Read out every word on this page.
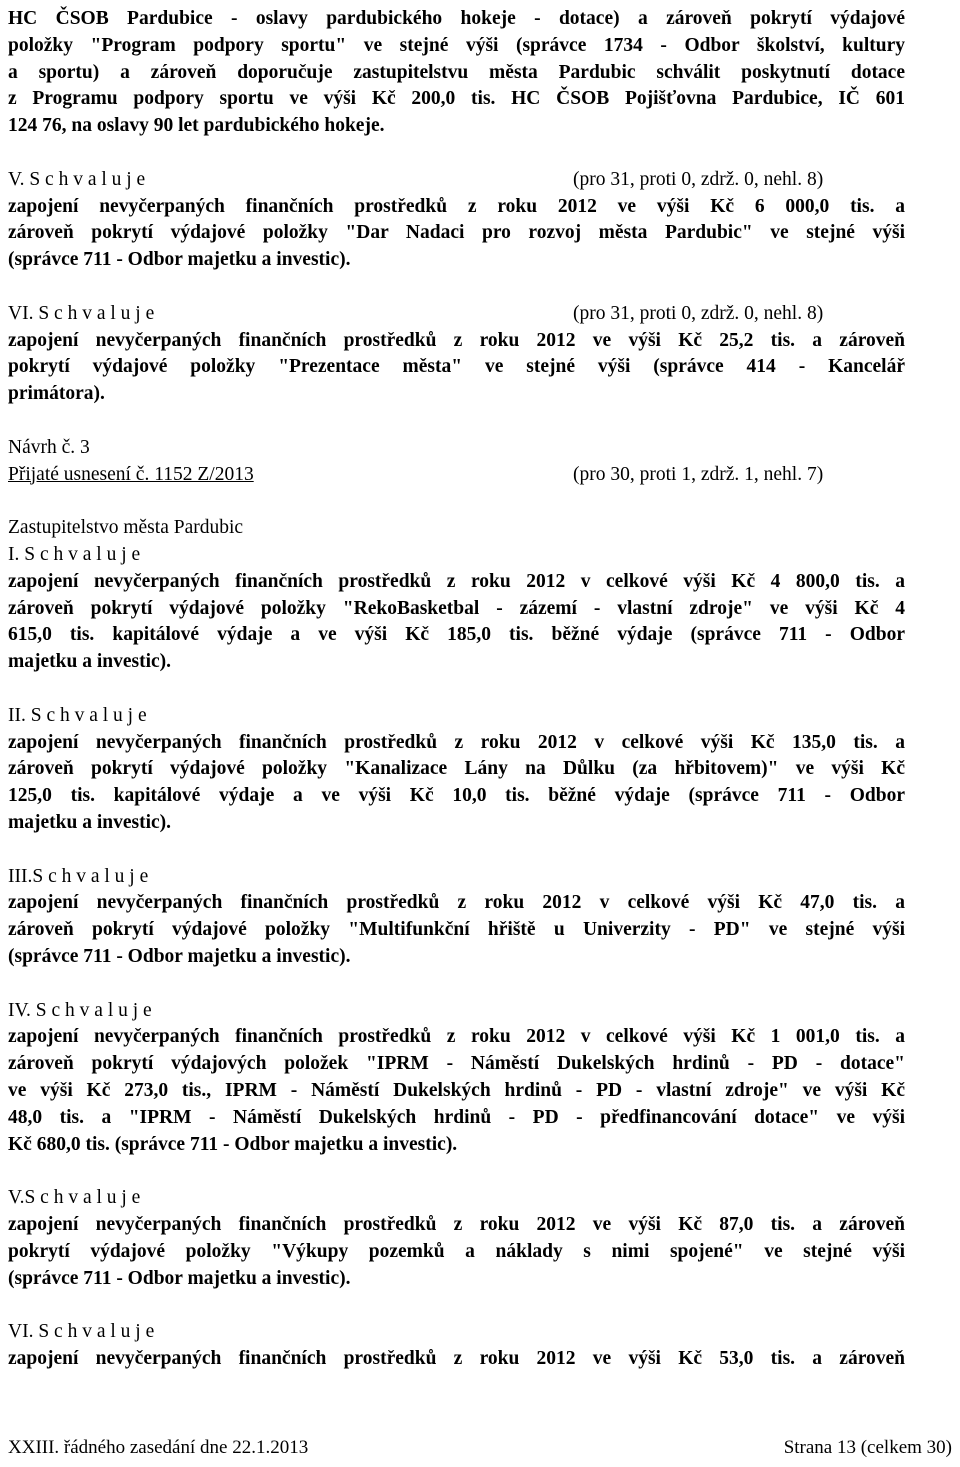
HC ČSOB Pardubice - oslavy pardubického hokeje - dotace) a zároveň pokrytí výdajové
položky "Program podpory sportu" ve stejné výši (správce 1734 - Odbor školství, kultury
a sportu) a zároveň doporučuje zastupitelstvu města Pardubic schválit poskytnutí dotace
z Programu podpory sportu ve výši Kč 200,0 tis. HC ČSOB Pojišťovna Pardubice, IČ 601
124 76, na oslavy 90 let pardubického hokeje.
V. S c h v a l u j e	(pro 31, proti 0, zdrž. 0, nehl. 8)
zapojení nevyčerpaných finančních prostředků z roku 2012 ve výši Kč 6 000,0 tis. a
zároveň pokrytí výdajové položky "Dar Nadaci pro rozvoj města Pardubic" ve stejné výši
(správce 711 - Odbor majetku a investic).
VI. S c h v a l u j e	(pro 31, proti 0, zdrž. 0, nehl. 8)
zapojení nevyčerpaných finančních prostředků z roku 2012 ve výši Kč 25,2 tis. a zároveň
pokrytí výdajové položky "Prezentace města" ve stejné výši (správce 414 - Kancelář
primátora).
Návrh č. 3
Přijaté usnesení č. 1152 Z/2013	(pro 30, proti 1, zdrž. 1, nehl. 7)
Zastupitelstvo města Pardubic
I. S c h v a l u j e
zapojení nevyčerpaných finančních prostředků z roku 2012 v celkové výši Kč 4 800,0 tis. a
zároveň pokrytí výdajové položky "RekoBasketbal - zázemí - vlastní zdroje" ve výši Kč 4
615,0 tis. kapitálové výdaje a ve výši Kč 185,0 tis. běžné výdaje (správce 711 - Odbor
majetku a investic).
II. S c h v a l u j e
zapojení nevyčerpaných finančních prostředků z roku 2012 v celkové výši Kč 135,0 tis. a
zároveň pokrytí výdajové položky "Kanalizace Lány na Důlku (za hřbitovem)" ve výši Kč
125,0 tis. kapitálové výdaje a ve výši Kč 10,0 tis. běžné výdaje (správce 711 - Odbor
majetku a investic).
III.S c h v a l u j e
zapojení nevyčerpaných finančních prostředků z roku 2012 v celkové výši Kč 47,0 tis. a
zároveň pokrytí výdajové položky "Multifunkční hřiště u Univerzity - PD" ve stejné výši
(správce 711 - Odbor majetku a investic).
IV. S c h v a l u j e
zapojení nevyčerpaných finančních prostředků z roku 2012 v celkové výši Kč 1 001,0 tis. a
zároveň pokrytí výdajových položek "IPRM - Náměstí Dukelských hrdinů - PD - dotace"
ve výši Kč 273,0 tis., IPRM - Náměstí Dukelských hrdinů - PD - vlastní zdroje" ve výši Kč
48,0 tis. a "IPRM - Náměstí Dukelských hrdinů - PD - předfinancování dotace" ve výši
Kč 680,0 tis. (správce 711 - Odbor majetku a investic).
V.S c h v a l u j e
zapojení nevyčerpaných finančních prostředků z roku 2012 ve výši Kč 87,0 tis. a zároveň
pokrytí výdajové položky "Výkupy pozemků a náklady s nimi spojené" ve stejné výši
(správce 711 - Odbor majetku a investic).
VI. S c h v a l u j e
zapojení nevyčerpaných finančních prostředků z roku 2012 ve výši Kč 53,0 tis. a zároveň
XXIII. řádného zasedání dne 22.1.2013	Strana 13 (celkem 30)
